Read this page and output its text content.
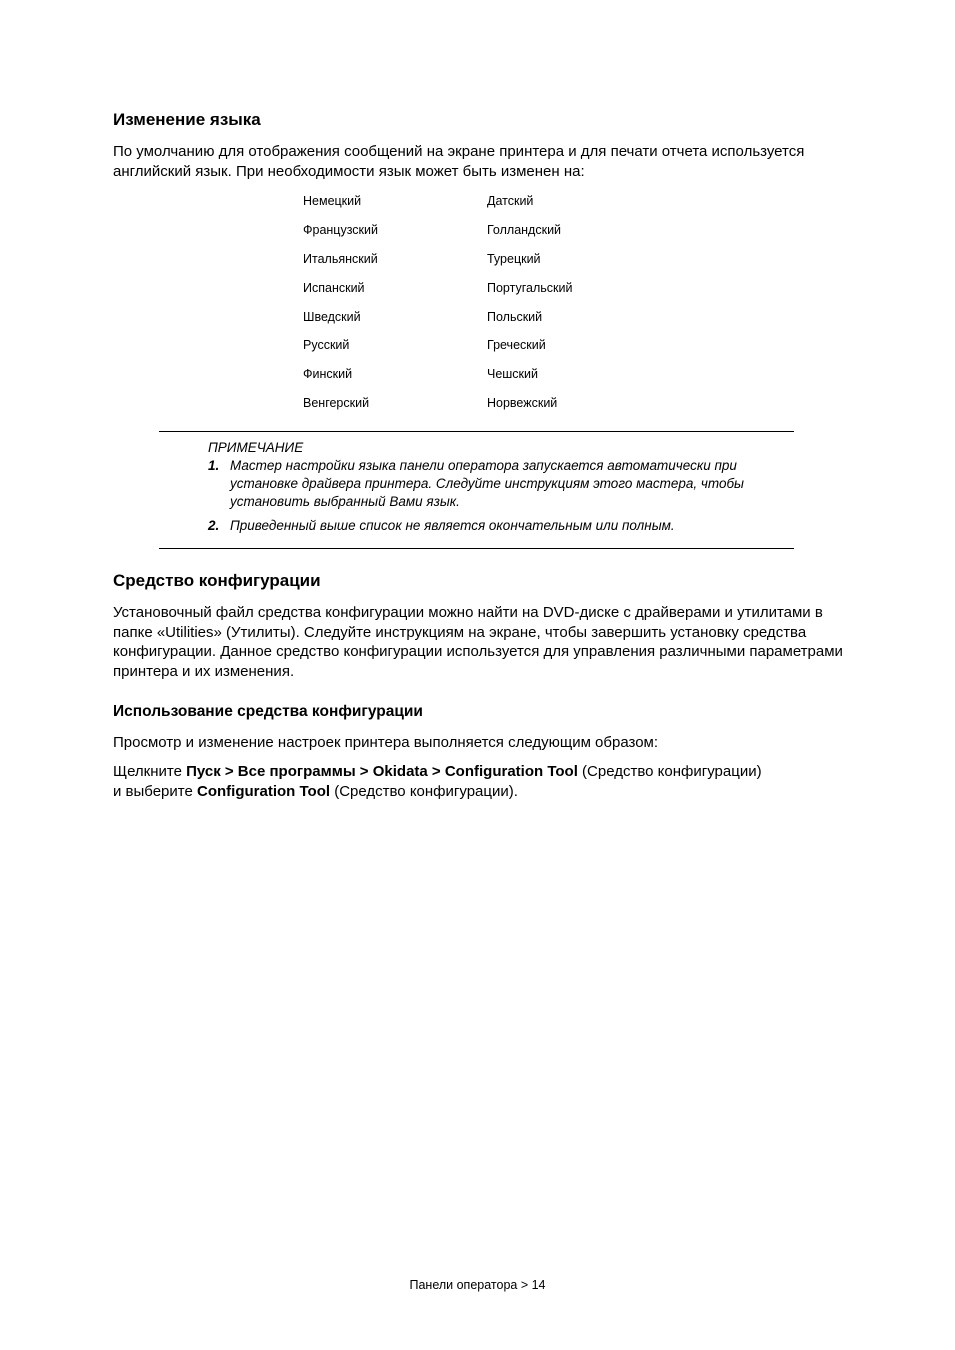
Изменение языка

По умолчанию для отображения сообщений на экране принтера и для печати отчета используется английский язык. При необходимости язык может быть изменен на:

Немецкий	Датский
Французский	Голландский
Итальянский	Турецкий
Испанский	Португальский
Шведский	Польский
Русский	Греческий
Финский	Чешский
Венгерский	Норвежский
ПРИМЕЧАНИЕ
1. Мастер настройки языка панели оператора запускается автоматически при установке драйвера принтера. Следуйте инструкциям этого мастера, чтобы установить выбранный Вами язык.
2. Приведенный выше список не является окончательным или полным.
Средство конфигурации

Установочный файл средства конфигурации можно найти на DVD-диске с драйверами и утилитами в папке «Utilities» (Утилиты). Следуйте инструкциям на экране, чтобы завершить установку средства конфигурации. Данное средство конфигурации используется для управления различными параметрами принтера и их изменения.

Использование средства конфигурации

Просмотр и изменение настроек принтера выполняется следующим образом:

Щелкните Пуск > Все программы > Okidata > Configuration Tool (Средство конфигурации)
и выберите Configuration Tool (Средство конфигурации).

Панели оператора > 14
